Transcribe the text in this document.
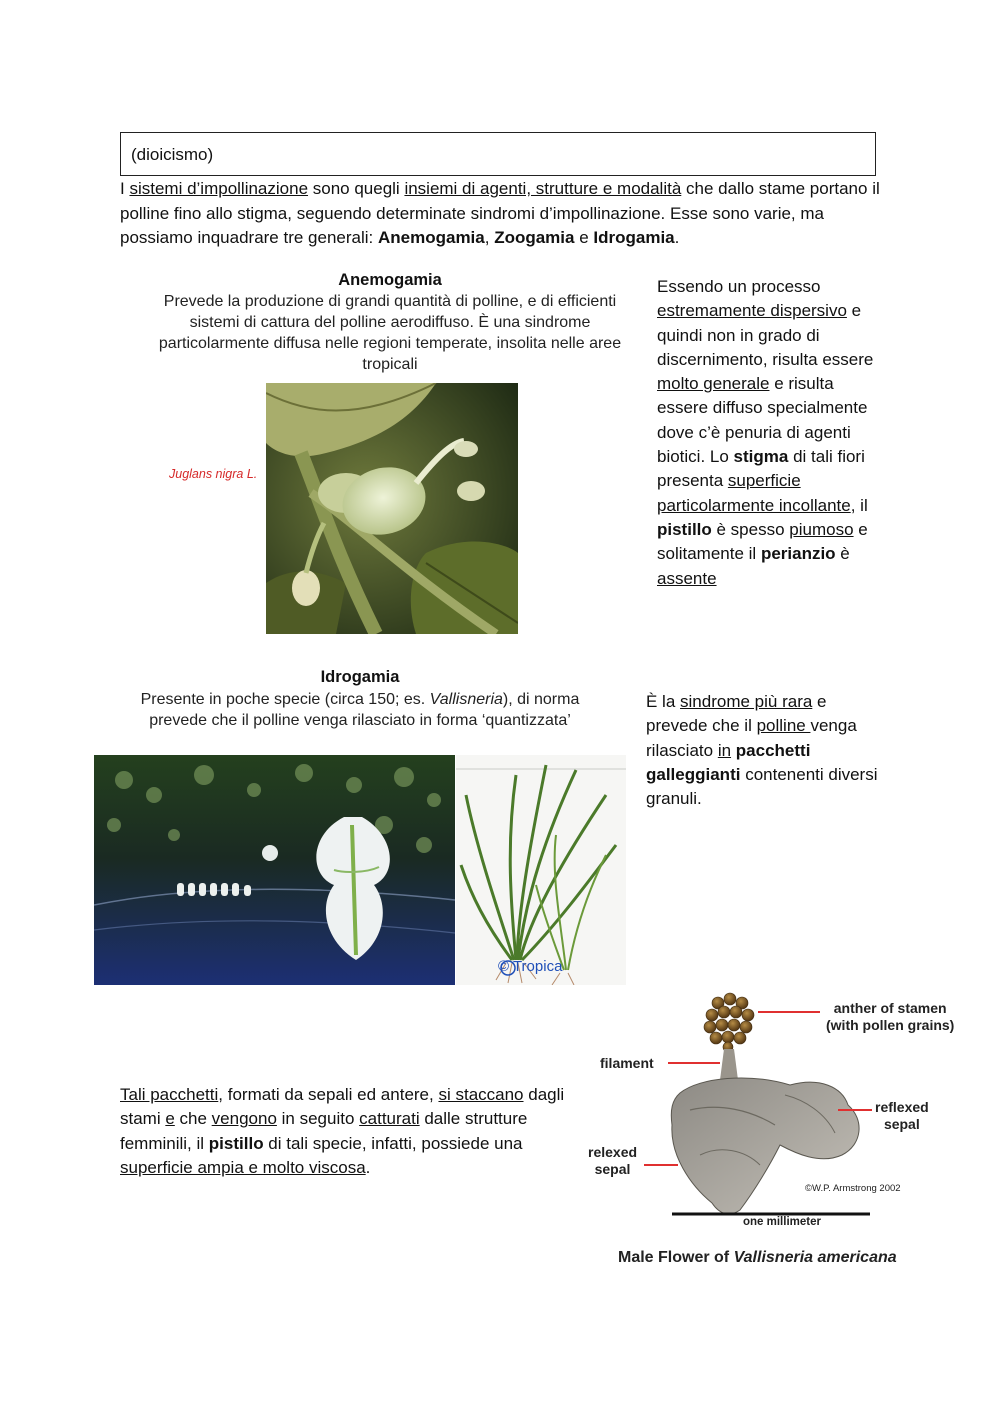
(dioicismo)
I sistemi d’impollinazione sono quegli insiemi di agenti, strutture e modalità che dallo stame portano il polline fino allo stigma, seguendo determinate sindromi d’impollinazione. Esse sono varie, ma possiamo inquadrare tre generali: Anemogamia, Zoogamia e Idrogamia.
Anemogamia
Prevede la produzione di grandi quantità di polline, e di efficienti sistemi di cattura del polline aerodiffuso. È una sindrome particolarmente diffusa nelle regioni temperate, insolita nelle aree tropicali
Juglans nigra L.
Essendo un processo estremamente dispersivo e quindi non in grado di discernimento, risulta essere molto generale e risulta essere diffuso specialmente dove c’è penuria di agenti biotici. Lo stigma di tali fiori presenta superficie particolarmente incollante, il pistillo è spesso piumoso e solitamente il perianzio è assente
Idrogamia
Presente in poche specie (circa 150; es. Vallisneria), di norma prevede che il polline venga rilasciato in forma ‘quantizzata’
© Tropica
È la sindrome più rara e prevede che il polline venga rilasciato in pacchetti galleggianti contenenti diversi granuli.
Tali pacchetti, formati da sepali ed antere, si staccano dagli stami e che vengono in seguito catturati dalle strutture femminili, il pistillo di tali specie, infatti, possiede una superficie ampia e molto viscosa.
anther of stamen
(with pollen grains)
filament
reflexed
sepal
relexed
sepal
©W.P. Armstrong 2002
one millimeter
Male Flower of Vallisneria americana
